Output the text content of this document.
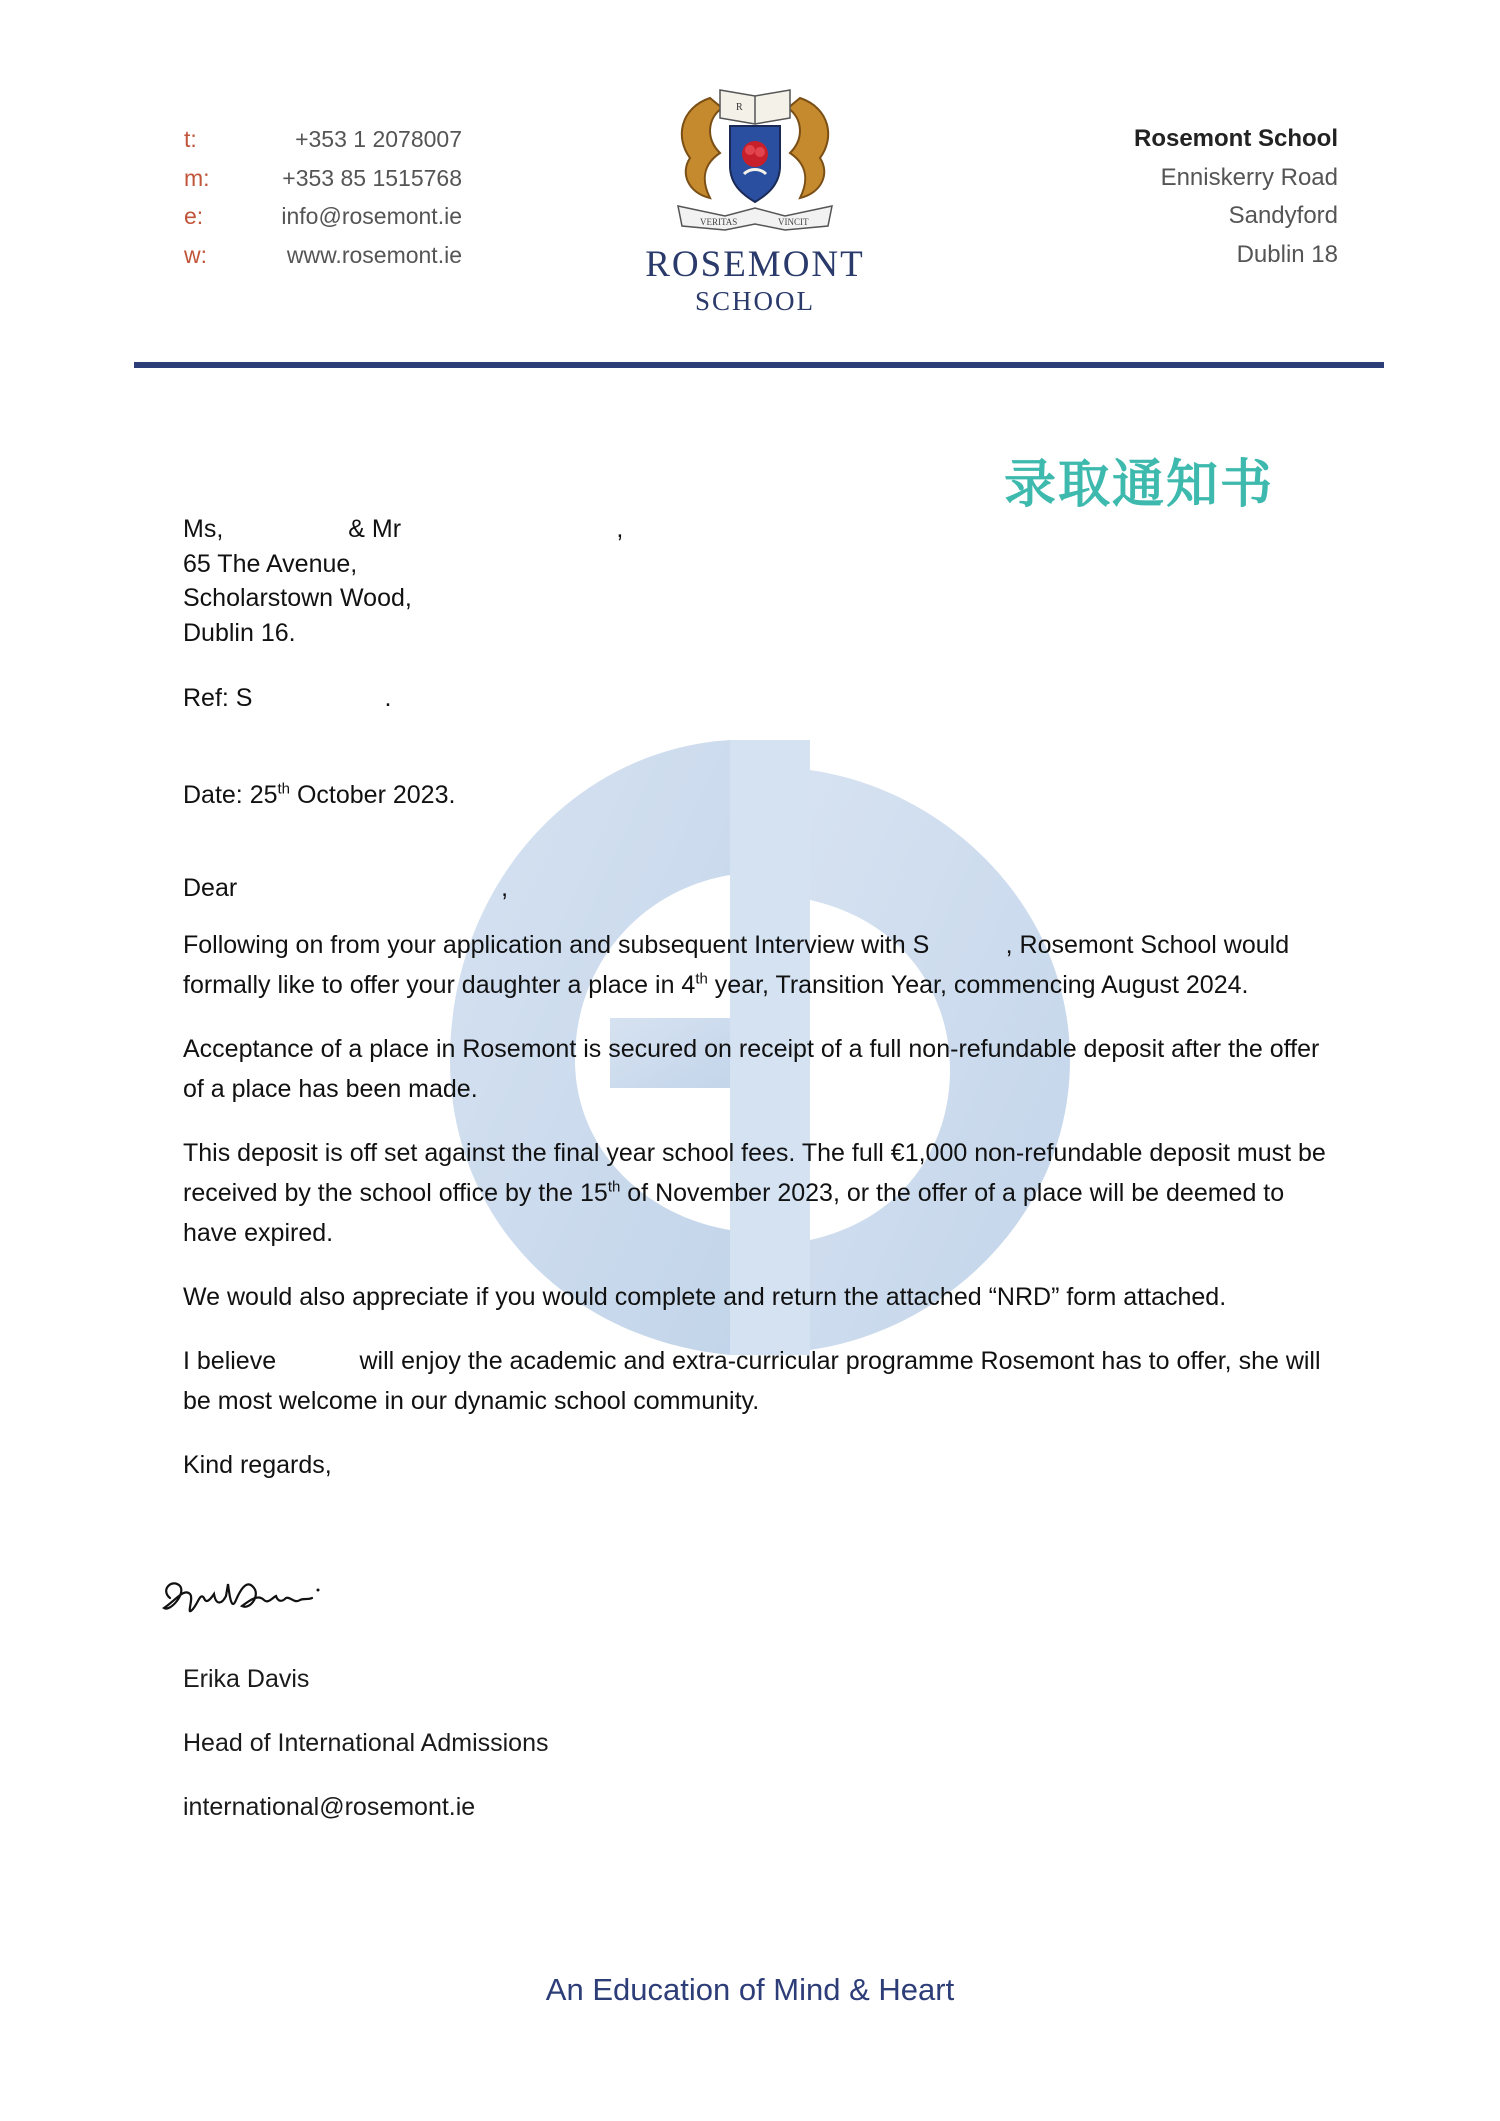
t:	+353 1 2078007
m:	+353 85 1515768
e:	info@rosemont.ie
w:	www.rosemont.ie
R
VERITAS	VINCIT
ROSEMONT
SCHOOL
Rosemont School
Enniskerry Road
Sandyford
Dublin 18
录取通知书
Ms,                  & Mr                               ,
65 The Avenue,
Scholarstown Wood,
Dublin 16.
Ref: S                   .
Date: 25th October 2023.
Dear                                      ,

Following on from your application and subsequent Interview with S           , Rosemont School would formally like to offer your daughter a place in 4th year, Transition Year, commencing August 2024.

Acceptance of a place in Rosemont is secured on receipt of a full non-refundable deposit after the offer of a place has been made.

This deposit is off set against the final year school fees. The full €1,000 non-refundable deposit must be received by the school office by the 15th of November 2023, or the offer of a place will be deemed to have expired.

We would also appreciate if you would complete and return the attached “NRD” form attached.

I believe            will enjoy the academic and extra-curricular programme Rosemont has to offer, she will be most welcome in our dynamic school community.

Kind regards,

Erika Davis
Head of International Admissions
international@rosemont.ie
An Education of Mind & Heart
